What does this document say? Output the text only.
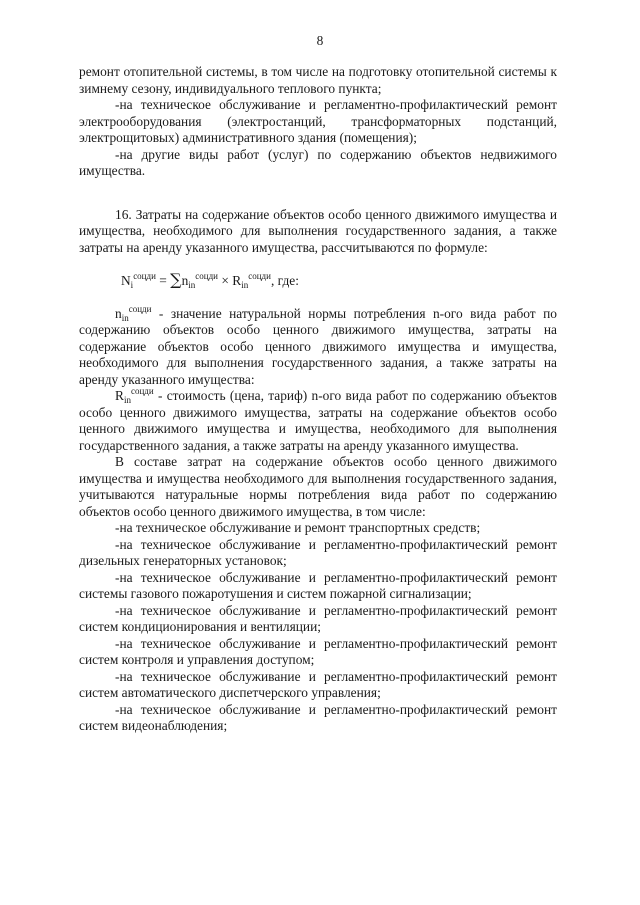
8

ремонт отопительной системы, в том числе на подготовку отопительной системы к зимнему сезону, индивидуального теплового пункта;

-на техническое обслуживание и регламентно-профилактический ремонт электрооборудования (электростанций, трансформаторных подстанций, электрощитовых) административного здания (помещения);

-на другие виды работ (услуг) по содержанию объектов недвижимого имущества.

16. Затраты на содержание объектов особо ценного движимого имущества и имущества, необходимого для выполнения государственного задания, а также затраты на аренду указанного имущества, рассчитываются по формуле:

$N_i^{соцди} = \sum n_{in}^{соцди} \times R_{in}^{соцди}$, где:

$n_{in}^{соцди}$ - значение натуральной нормы потребления n-ого вида работ по содержанию объектов особо ценного движимого имущества, затраты на содержание объектов особо ценного движимого имущества и имущества, необходимого для выполнения государственного задания, а также затраты на аренду указанного имущества:

$R_{in}^{соцди}$ - стоимость (цена, тариф) n-ого вида работ по содержанию объектов особо ценного движимого имущества, затраты на содержание объектов особо ценного движимого имущества и имущества, необходимого для выполнения государственного задания, а также затраты на аренду указанного имущества.

В составе затрат на содержание объектов особо ценного движимого имущества и имущества необходимого для выполнения государственного задания, учитываются натуральные нормы потребления вида работ по содержанию объектов особо ценного движимого имущества, в том числе:

-на техническое обслуживание и ремонт транспортных средств;

-на техническое обслуживание и регламентно-профилактический ремонт дизельных генераторных установок;

-на техническое обслуживание и регламентно-профилактический ремонт системы газового пожаротушения и систем пожарной сигнализации;

-на техническое обслуживание и регламентно-профилактический ремонт систем кондиционирования и вентиляции;

-на техническое обслуживание и регламентно-профилактический ремонт систем контроля и управления доступом;

-на техническое обслуживание и регламентно-профилактический ремонт систем автоматического диспетчерского управления;

-на техническое обслуживание и регламентно-профилактический ремонт систем видеонаблюдения;
